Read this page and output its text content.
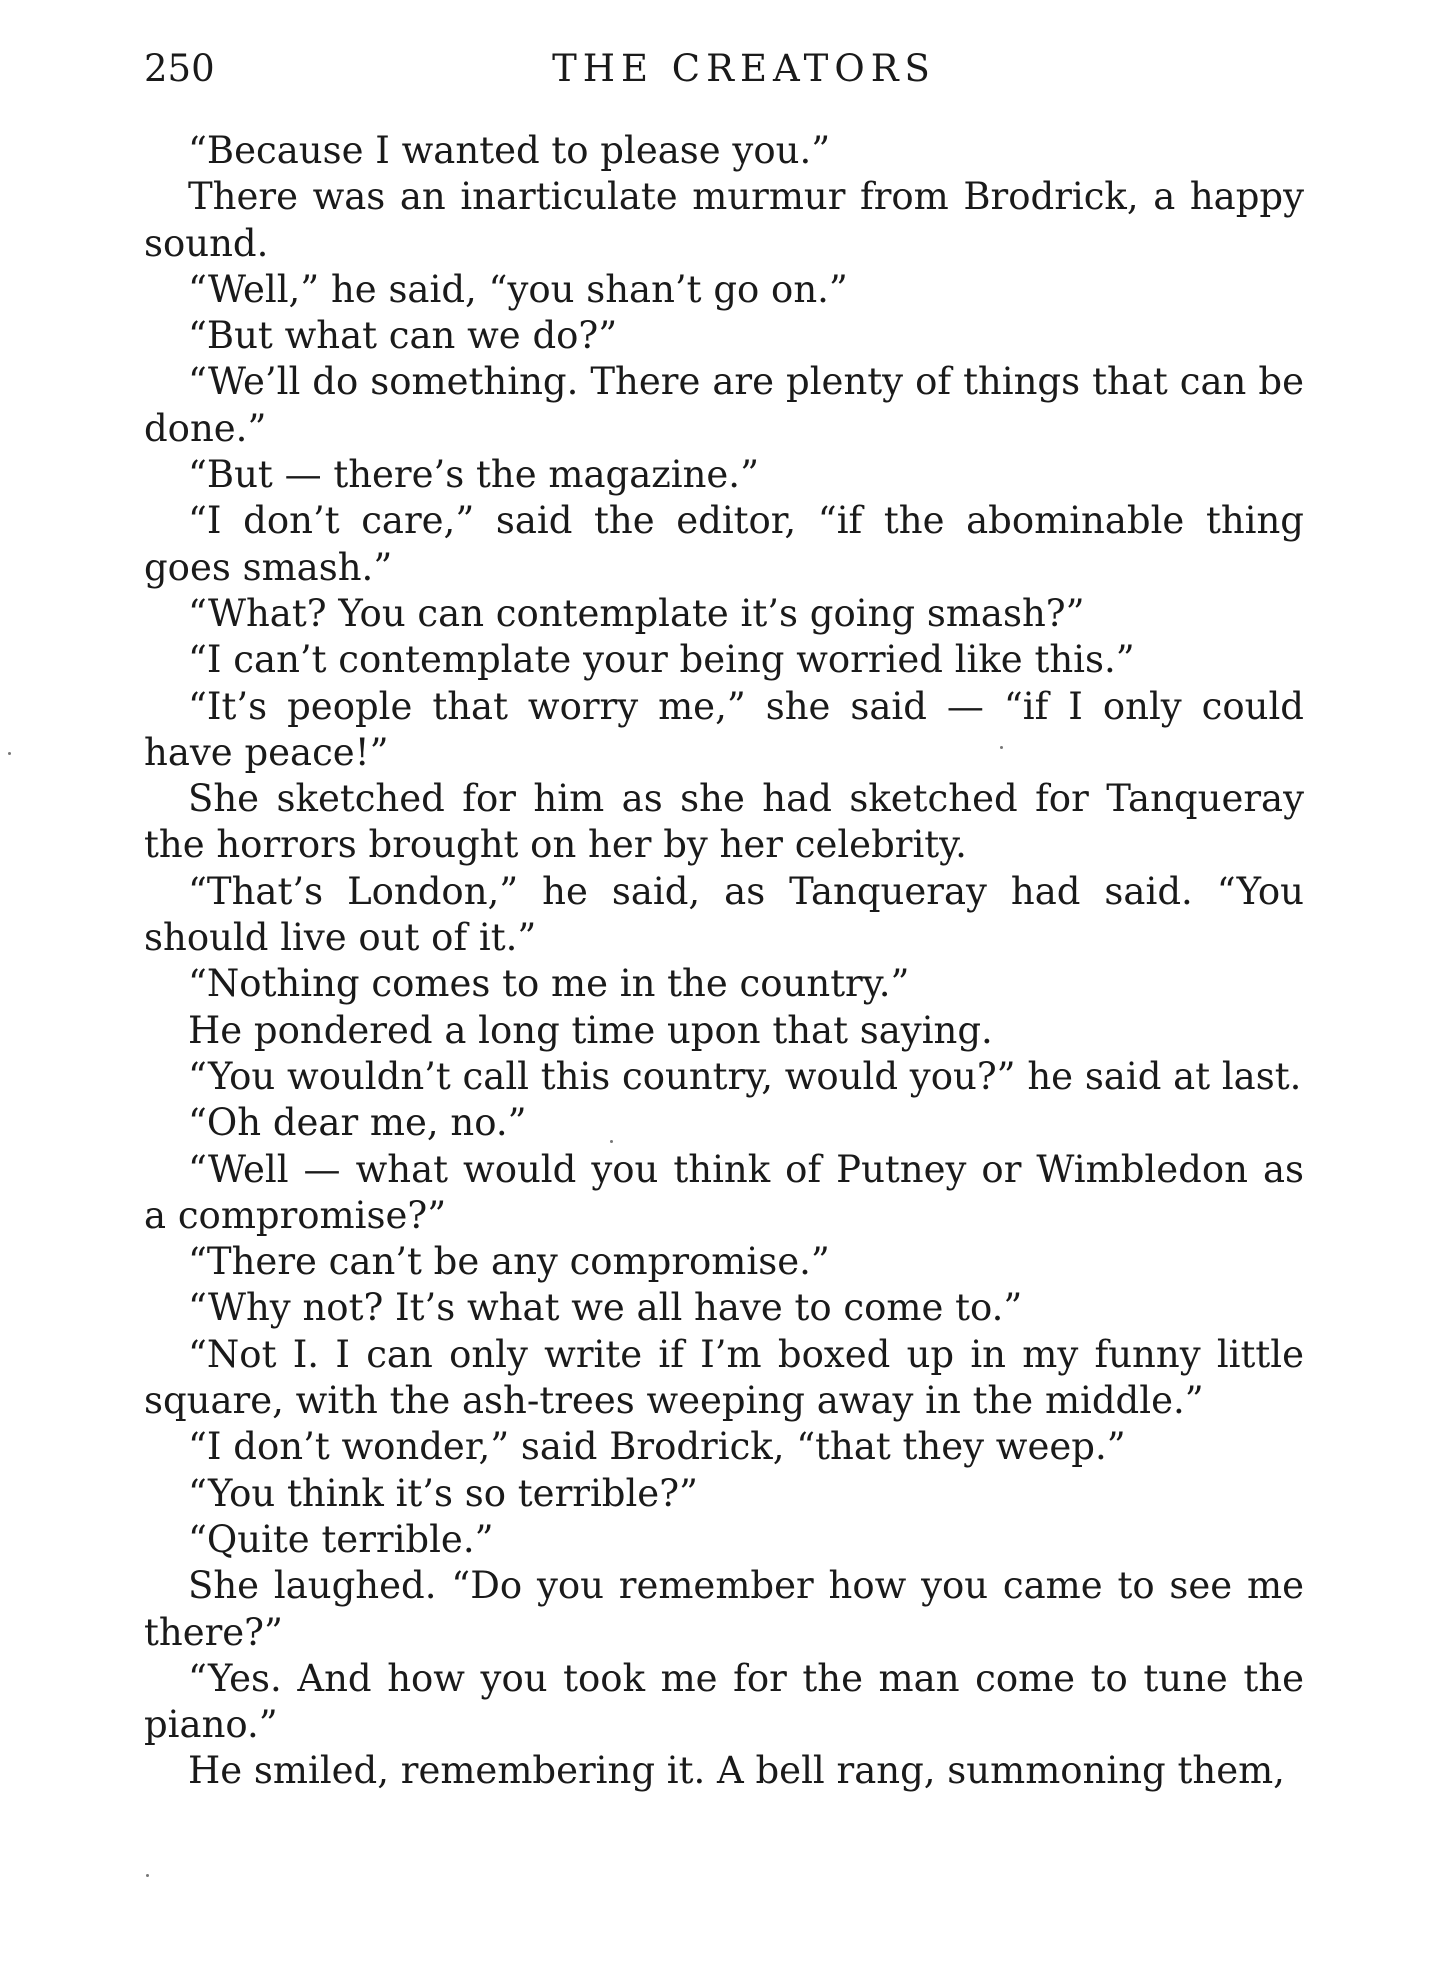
250	THE CREATORS

“Because I wanted to please you.”

There was an inarticulate murmur from Brodrick, a happy sound.

“Well,” he said, “you shan’t go on.”

“But what can we do?”

“We’ll do something. There are plenty of things that can be done.”

“But — there’s the magazine.”

“I don’t care,” said the editor, “if the abominable thing goes smash.”

“What? You can contemplate it’s going smash?”

“I can’t contemplate your being worried like this.”

“It’s people that worry me,” she said — “if I only could have peace!”

She sketched for him as she had sketched for Tanqueray the horrors brought on her by her celebrity.

“That’s London,” he said, as Tanqueray had said. “You should live out of it.”

“Nothing comes to me in the country.”

He pondered a long time upon that saying.

“You wouldn’t call this country, would you?” he said at last.

“Oh dear me, no.”

“Well — what would you think of Putney or Wimbledon as a compromise?”

“There can’t be any compromise.”

“Why not? It’s what we all have to come to.”

“Not I. I can only write if I’m boxed up in my funny little square, with the ash-trees weeping away in the middle.”

“I don’t wonder,” said Brodrick, “that they weep.”

“You think it’s so terrible?”

“Quite terrible.”

She laughed. “Do you remember how you came to see me there?”

“Yes. And how you took me for the man come to tune the piano.”

He smiled, remembering it. A bell rang, summoning them,
